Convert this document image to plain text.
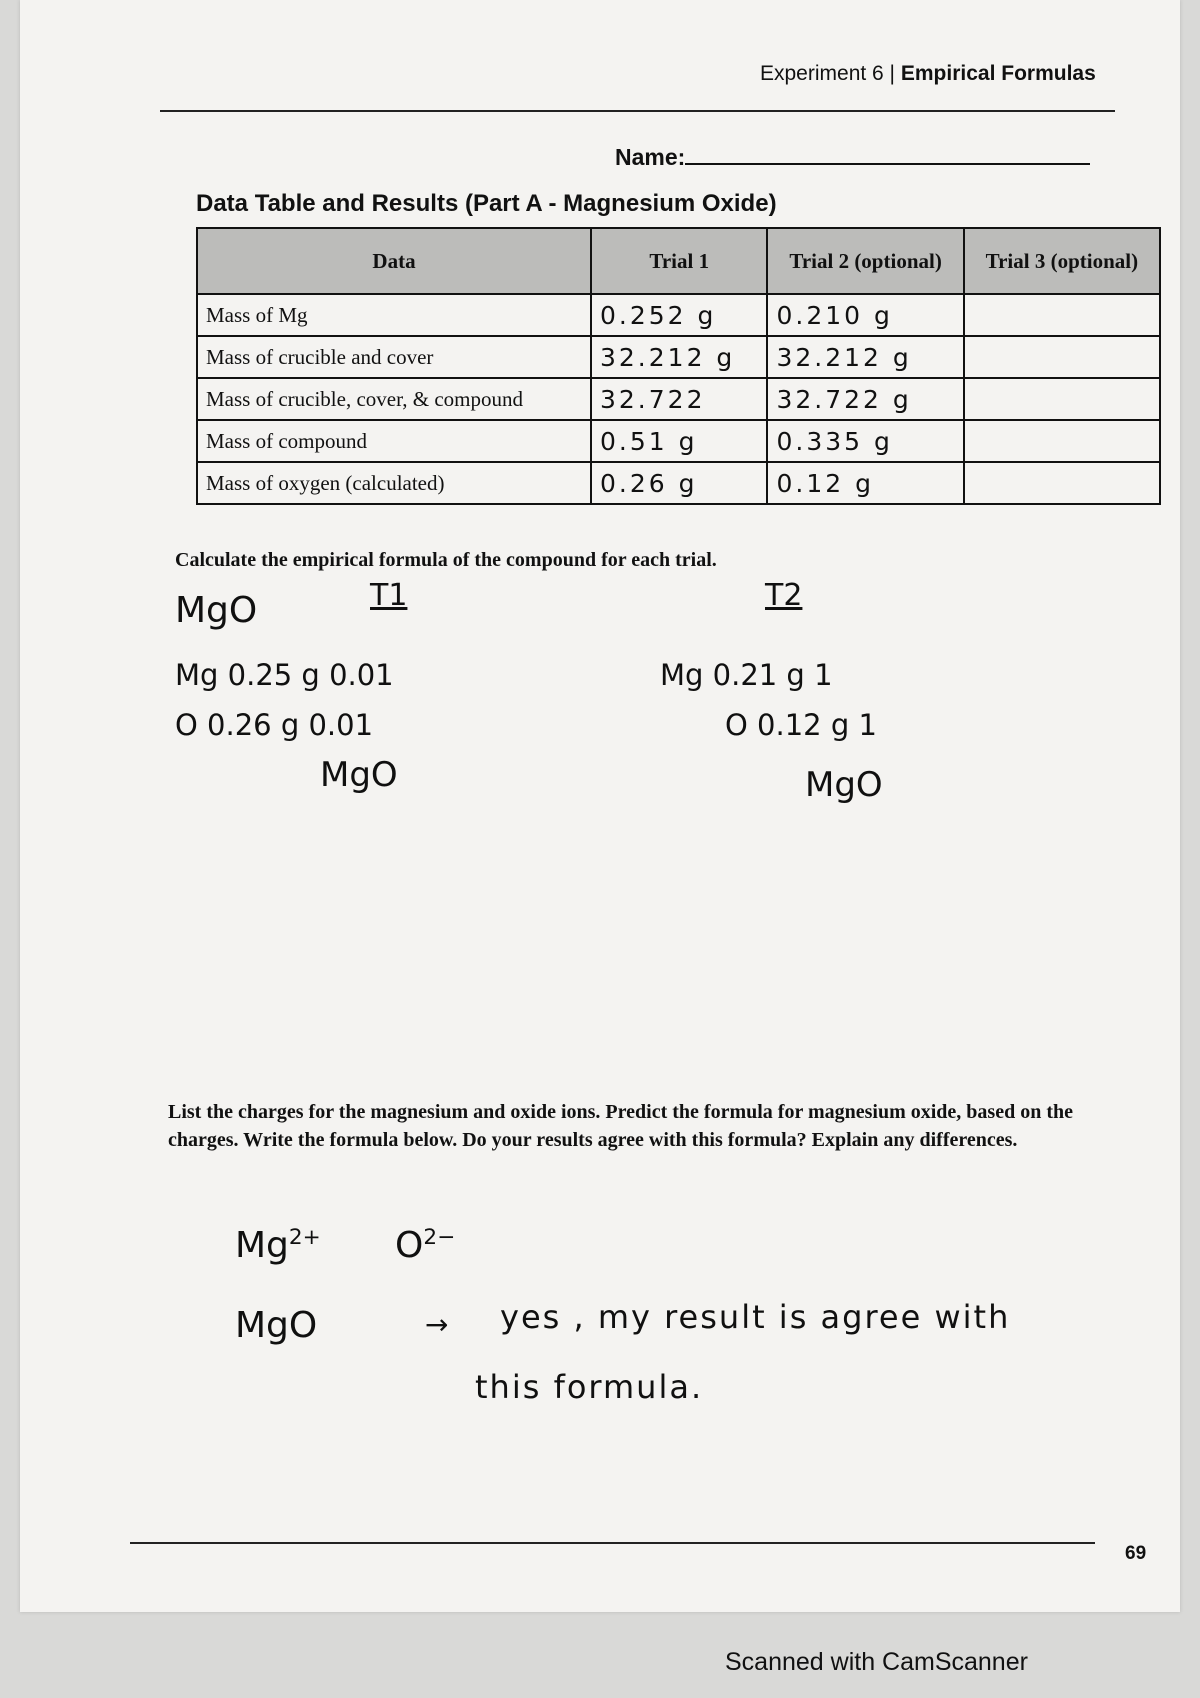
Experiment 6 | Empirical Formulas
Name:
Data Table and Results (Part A - Magnesium Oxide)
Data	Trial 1	Trial 2 (optional)	Trial 3 (optional)
Mass of Mg	0.252 g	0.210 g	
Mass of crucible and cover	32.212 g	32.212 g	
Mass of crucible, cover, & compound	32.722	32.722 g	
Mass of compound	0.51 g	0.335 g	
Mass of oxygen (calculated)	0.26 g	0.12 g	
Calculate the empirical formula of the compound for each trial.
MgO	T1	T2
Mg 0.25 g 0.01
O 0.26 g 0.01
MgO
Mg 0.21 g 1
O 0.12 g 1
MgO
List the charges for the magnesium and oxide ions. Predict the formula for magnesium oxide, based on the charges. Write the formula below. Do your results agree with this formula? Explain any differences.
$Mg^{2+}$ $O^{2-}$
MgO	→ yes , my result is agree with
this formula.
69
Scanned with CamScanner
